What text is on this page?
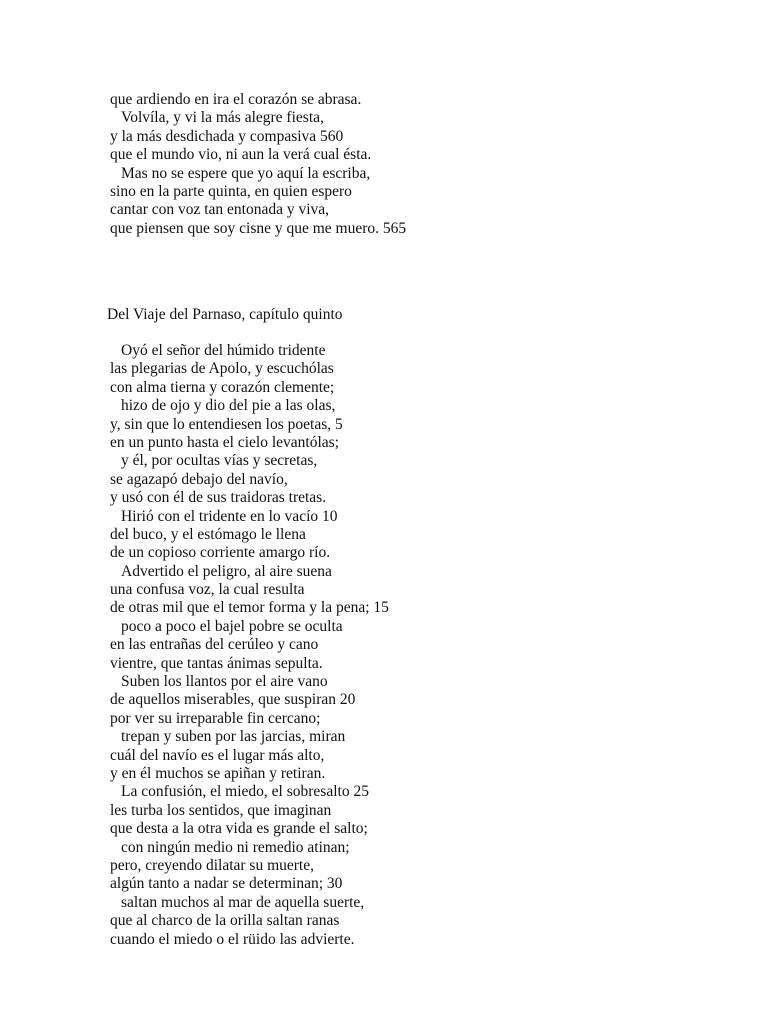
que ardiendo en ira el corazón se abrasa.
Volvíla, y vi la más alegre fiesta,
y la más desdichada y compasiva 560
que el mundo vio, ni aun la verá cual ésta.
Mas no se espere que yo aquí la escriba,
sino en la parte quinta, en quien espero
cantar con voz tan entonada y viva,
que piensen que soy cisne y que me muero. 565
Del Viaje del Parnaso, capítulo quinto
Oyó el señor del húmido tridente
las plegarias de Apolo, y escuchólas
con alma tierna y corazón clemente;
hizo de ojo y dio del pie a las olas,
y, sin que lo entendiesen los poetas, 5
en un punto hasta el cielo levantólas;
y él, por ocultas vías y secretas,
se agazapó debajo del navío,
y usó con él de sus traidoras tretas.
Hirió con el tridente en lo vacío 10
del buco, y el estómago le llena
de un copioso corriente amargo río.
Advertido el peligro, al aire suena
una confusa voz, la cual resulta
de otras mil que el temor forma y la pena; 15
poco a poco el bajel pobre se oculta
en las entrañas del cerúleo y cano
vientre, que tantas ánimas sepulta.
Suben los llantos por el aire vano
de aquellos miserables, que suspiran 20
por ver su irreparable fin cercano;
trepan y suben por las jarcias, miran
cuál del navío es el lugar más alto,
y en él muchos se apiñan y retiran.
La confusión, el miedo, el sobresalto 25
les turba los sentidos, que imaginan
que desta a la otra vida es grande el salto;
con ningún medio ni remedio atinan;
pero, creyendo dilatar su muerte,
algún tanto a nadar se determinan; 30
saltan muchos al mar de aquella suerte,
que al charco de la orilla saltan ranas
cuando el miedo o el rüido las advierte.
